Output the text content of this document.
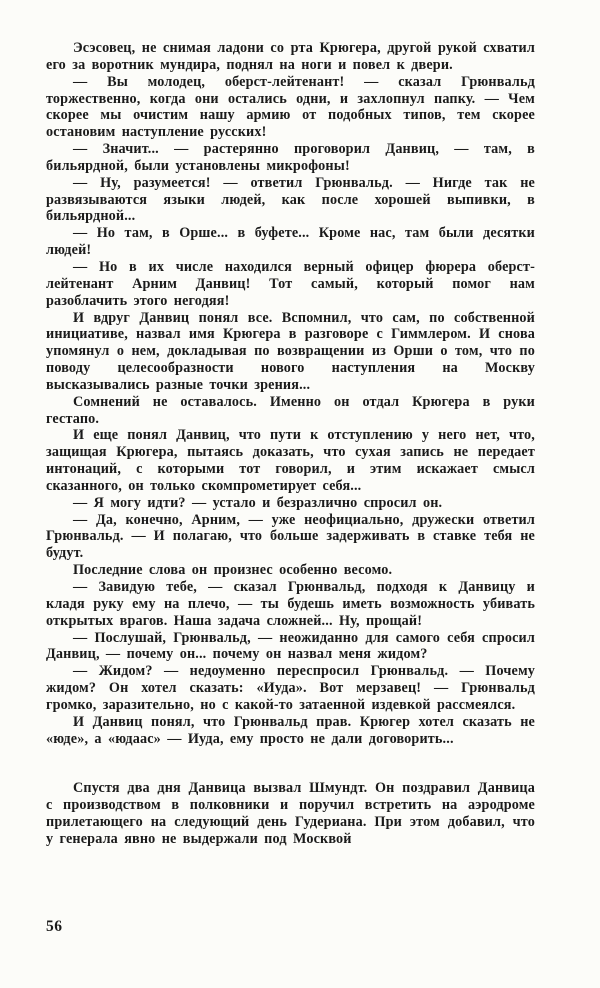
Эсэсовец, не снимая ладони со рта Крюгера, другой рукой схватил его за воротник мундира, поднял на ноги и повел к двери.

— Вы молодец, оберст-лейтенант! — сказал Грюнвальд торжественно, когда они остались одни, и захлопнул папку. — Чем скорее мы очистим нашу армию от подобных типов, тем скорее остановим наступление русских!

— Значит... — растерянно проговорил Данвиц, — там, в бильярдной, были установлены микрофоны!

— Ну, разумеется! — ответил Грюнвальд. — Нигде так не развязываются языки людей, как после хорошей выпивки, в бильярдной...

— Но там, в Орше... в буфете... Кроме нас, там были десятки людей!

— Но в их числе находился верный офицер фюрера оберст-лейтенант Арним Данвиц! Тот самый, который помог нам разоблачить этого негодяя!

И вдруг Данвиц понял все. Вспомнил, что сам, по собственной инициативе, назвал имя Крюгера в разговоре с Гиммлером. И снова упомянул о нем, докладывая по возвращении из Орши о том, что по поводу целесообразности нового наступления на Москву высказывались разные точки зрения...

Сомнений не оставалось. Именно он отдал Крюгера в руки гестапо.

И еще понял Данвиц, что пути к отступлению у него нет, что, защищая Крюгера, пытаясь доказать, что сухая запись не передает интонаций, с которыми тот говорил, и этим искажает смысл сказанного, он только скомпрометирует себя...

— Я могу идти? — устало и безразлично спросил он.

— Да, конечно, Арним, — уже неофициально, дружески ответил Грюнвальд. — И полагаю, что больше задерживать в ставке тебя не будут.

Последние слова он произнес особенно весомо.

— Завидую тебе, — сказал Грюнвальд, подходя к Данвицу и кладя руку ему на плечо, — ты будешь иметь возможность убивать открытых врагов. Наша задача сложней... Ну, прощай!

— Послушай, Грюнвальд, — неожиданно для самого себя спросил Данвиц, — почему он... почему он назвал меня жидом?

— Жидом? — недоуменно переспросил Грюнвальд. — Почему жидом? Он хотел сказать: «Иуда». Вот мерзавец! — Грюнвальд громко, заразительно, но с какой-то затаенной издевкой рассмеялся.

И Данвиц понял, что Грюнвальд прав. Крюгер хотел сказать не «юде», а «юдаас» — Иуда, ему просто не дали договорить...

Спустя два дня Данвица вызвал Шмундт. Он поздравил Данвица с производством в полковники и поручил встретить на аэродроме прилетающего на следующий день Гудериана. При этом добавил, что у генерала явно не выдержали под Москвой

56
